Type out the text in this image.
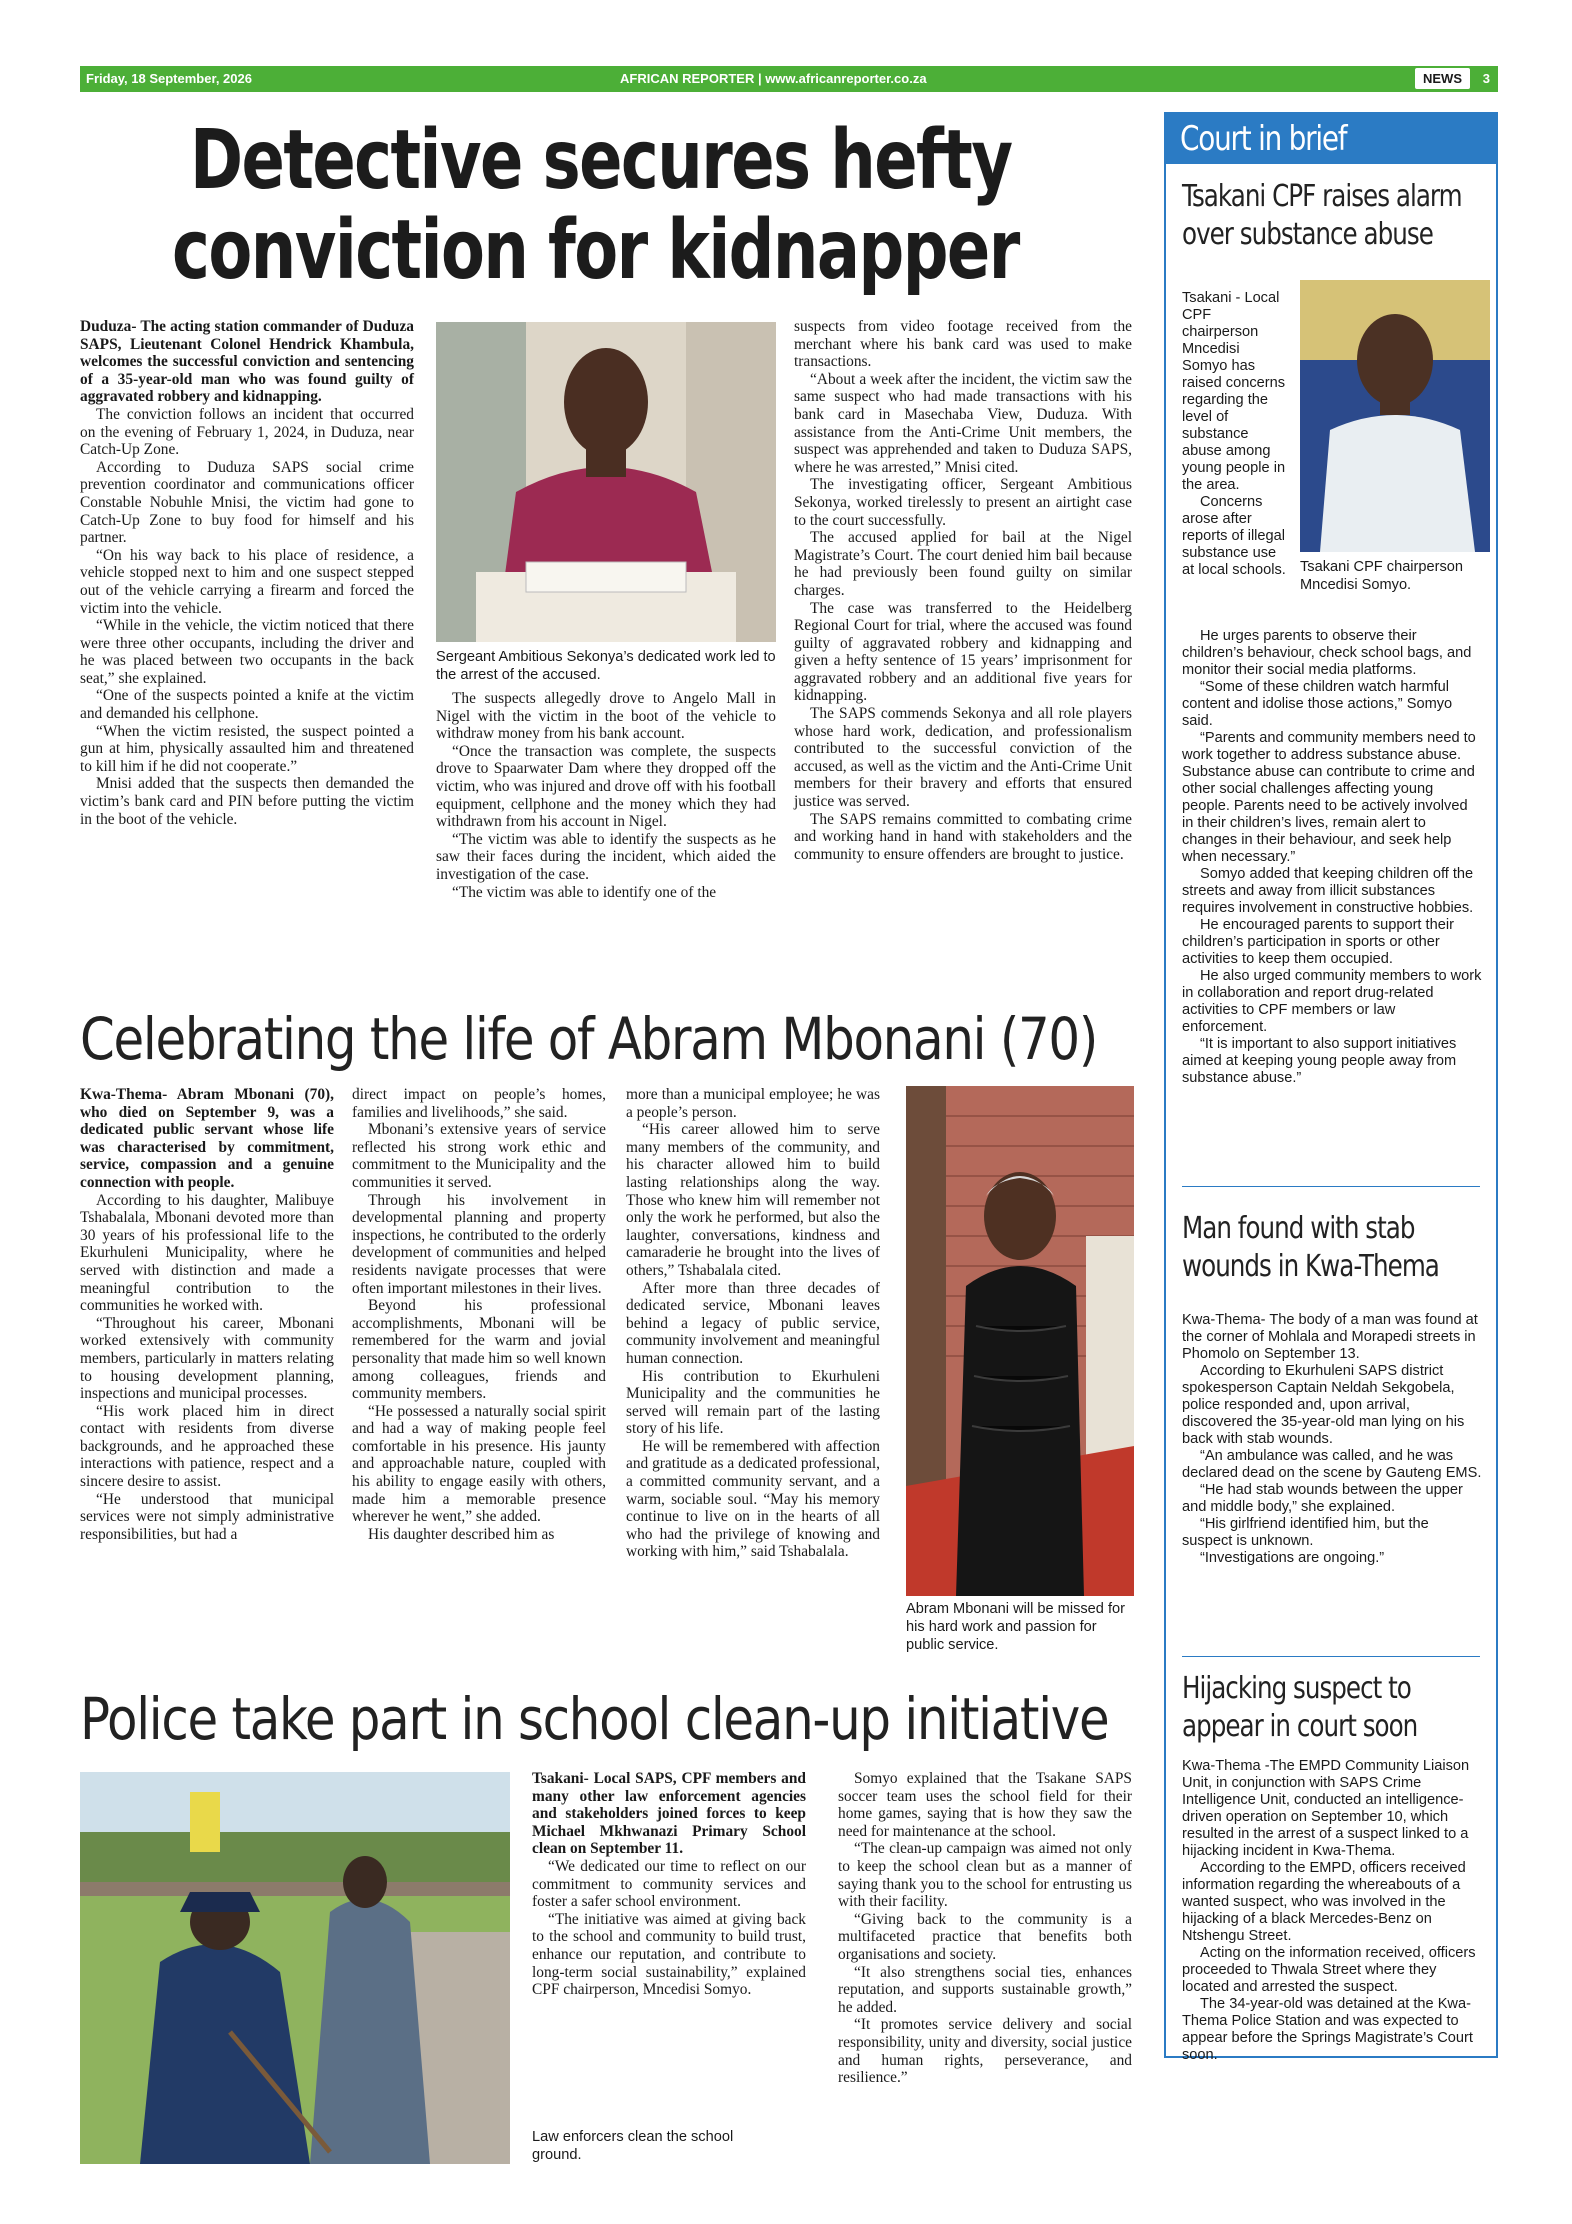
Friday, 18 September, 2026	AFRICAN REPORTER | www.africanreporter.co.za	NEWS	3
Detective secures hefty
conviction for kidnapper

Duduza- The acting station commander of Duduza SAPS, Lieutenant Colonel Hendrick Khambula, welcomes the successful conviction and sentencing of a 35-year-old man who was found guilty of aggravated robbery and kidnapping.

The conviction follows an incident that occurred on the evening of February 1, 2024, in Duduza, near Catch-Up Zone.

According to Duduza SAPS social crime prevention coordinator and communications officer Constable Nobuhle Mnisi, the victim had gone to Catch-Up Zone to buy food for himself and his partner.

“On his way back to his place of residence, a vehicle stopped next to him and one suspect stepped out of the vehicle carrying a firearm and forced the victim into the vehicle.

“While in the vehicle, the victim noticed that there were three other occupants, including the driver and he was placed between two occupants in the back seat,” she explained.

“One of the suspects pointed a knife at the victim and demanded his cellphone.

“When the victim resisted, the suspect pointed a gun at him, physically assaulted him and threatened to kill him if he did not cooperate.”

Mnisi added that the suspects then demanded the victim’s bank card and PIN before putting the victim in the boot of the vehicle.

Sergeant Ambitious Sekonya’s dedicated work led to the arrest of the accused.

The suspects allegedly drove to Angelo Mall in Nigel with the victim in the boot of the vehicle to withdraw money from his bank account.

“Once the transaction was complete, the suspects drove to Spaarwater Dam where they dropped off the victim, who was injured and drove off with his football equipment, cellphone and the money which they had withdrawn from his account in Nigel.

“The victim was able to identify the suspects as he saw their faces during the incident, which aided the investigation of the case.

“The victim was able to identify one of the

suspects from video footage received from the merchant where his bank card was used to make transactions.

“About a week after the incident, the victim saw the same suspect who had made transactions with his bank card in Masechaba View, Duduza. With assistance from the Anti-Crime Unit members, the suspect was apprehended and taken to Duduza SAPS, where he was arrested,” Mnisi cited.

The investigating officer, Sergeant Ambitious Sekonya, worked tirelessly to present an airtight case to the court successfully.

The accused applied for bail at the Nigel Magistrate’s Court. The court denied him bail because he had previously been found guilty on similar charges.

The case was transferred to the Heidelberg Regional Court for trial, where the accused was found guilty of aggravated robbery and kidnapping and given a hefty sentence of 15 years’ imprisonment for aggravated robbery and an additional five years for kidnapping.

The SAPS commends Sekonya and all role players whose hard work, dedication, and professionalism contributed to the successful conviction of the accused, as well as the victim and the Anti-Crime Unit members for their bravery and efforts that ensured justice was served.

The SAPS remains committed to combating crime and working hand in hand with stakeholders and the community to ensure offenders are brought to justice.

Celebrating the life of Abram Mbonani (70)

Kwa-Thema- Abram Mbonani (70), who died on September 9, was a dedicated public servant whose life was characterised by commitment, service, compassion and a genuine connection with people.

According to his daughter, Malibuye Tshabalala, Mbonani devoted more than 30 years of his professional life to the Ekurhuleni Municipality, where he served with distinction and made a meaningful contribution to the communities he worked with.

“Throughout his career, Mbonani worked extensively with community members, particularly in matters relating to housing development planning, inspections and municipal processes.

“His work placed him in direct contact with residents from diverse backgrounds, and he approached these interactions with patience, respect and a sincere desire to assist.

“He understood that municipal services were not simply administrative responsibilities, but had a

direct impact on people’s homes, families and livelihoods,” she said.

Mbonani’s extensive years of service reflected his strong work ethic and commitment to the Municipality and the communities it served.

Through his involvement in developmental planning and property inspections, he contributed to the orderly development of communities and helped residents navigate processes that were often important milestones in their lives.

Beyond his professional accomplishments, Mbonani will be remembered for the warm and jovial personality that made him so well known among colleagues, friends and community members.

“He possessed a naturally social spirit and had a way of making people feel comfortable in his presence. His jaunty and approachable nature, coupled with his ability to engage easily with others, made him a memorable presence wherever he went,” she added.

His daughter described him as

more than a municipal employee; he was a people’s person.

“His career allowed him to serve many members of the community, and his character allowed him to build lasting relationships along the way. Those who knew him will remember not only the work he performed, but also the laughter, conversations, kindness and camaraderie he brought into the lives of others,” Tshabalala cited.

After more than three decades of dedicated service, Mbonani leaves behind a legacy of public service, community involvement and meaningful human connection.

His contribution to Ekurhuleni Municipality and the communities he served will remain part of the lasting story of his life.

He will be remembered with affection and gratitude as a dedicated professional, a committed community servant, and a warm, sociable soul. “May his memory continue to live on in the hearts of all who had the privilege of knowing and working with him,” said Tshabalala.

Abram Mbonani will be missed for his hard work and passion for public service.
Police take part in school clean-up initiative
Law enforcers clean the school ground.

Tsakani- Local SAPS, CPF members and many other law enforcement agencies and stakeholders joined forces to keep Michael Mkhwanazi Primary School clean on September 11.

“We dedicated our time to reflect on our commitment to community services and foster a safer school environment.

“The initiative was aimed at giving back to the school and community to build trust, enhance our reputation, and contribute to long-term social sustainability,” explained CPF chairperson, Mncedisi Somyo.

Somyo explained that the Tsakane SAPS soccer team uses the school field for their home games, saying that is how they saw the need for maintenance at the school.

“The clean-up campaign was aimed not only to keep the school clean but as a manner of saying thank you to the school for entrusting us with their facility.

“Giving back to the community is a multifaceted practice that benefits both organisations and society.

“It also strengthens social ties, enhances reputation, and supports sustainable growth,” he added.

“It promotes service delivery and social responsibility, unity and diversity, social justice and human rights, perseverance, and resilience.”

Court in brief
Tsakani CPF raises alarm
over substance abuse

Tsakani - Local CPF chairperson Mncedisi Somyo has raised concerns regarding the level of substance abuse among young people in the area.

Concerns arose after reports of illegal substance use at local schools. Tsakani CPF chairperson Mncedisi Somyo.

He urges parents to observe their children’s behaviour, check school bags, and monitor their social media platforms.

“Some of these children watch harmful content and idolise those actions,” Somyo said.

“Parents and community members need to work together to address substance abuse. Substance abuse can contribute to crime and other social challenges affecting young people. Parents need to be actively involved in their children’s lives, remain alert to changes in their behaviour, and seek help when necessary.”

Somyo added that keeping children off the streets and away from illicit substances requires involvement in constructive hobbies.

He encouraged parents to support their children’s participation in sports or other activities to keep them occupied.

He also urged community members to work in collaboration and report drug-related activities to CPF members or law enforcement.

“It is important to also support initiatives aimed at keeping young people away from substance abuse.”

Man found with stab
wounds in Kwa-Thema

Kwa-Thema- The body of a man was found at the corner of Mohlala and Morapedi streets in Phomolo on September 13.

According to Ekurhuleni SAPS district spokesperson Captain Neldah Sekgobela, police responded and, upon arrival, discovered the 35-year-old man lying on his back with stab wounds.

“An ambulance was called, and he was declared dead on the scene by Gauteng EMS.

“He had stab wounds between the upper and middle body,” she explained.

“His girlfriend identified him, but the suspect is unknown.

“Investigations are ongoing.”

Hijacking suspect to
appear in court soon

Kwa-Thema -The EMPD Community Liaison Unit, in conjunction with SAPS Crime Intelligence Unit, conducted an intelligence-driven operation on September 10, which resulted in the arrest of a suspect linked to a hijacking incident in Kwa-Thema.

According to the EMPD, officers received information regarding the whereabouts of a wanted suspect, who was involved in the hijacking of a black Mercedes-Benz on Ntshengu Street.

Acting on the information received, officers proceeded to Thwala Street where they located and arrested the suspect.

The 34-year-old was detained at the Kwa-Thema Police Station and was expected to appear before the Springs Magistrate’s Court soon.
